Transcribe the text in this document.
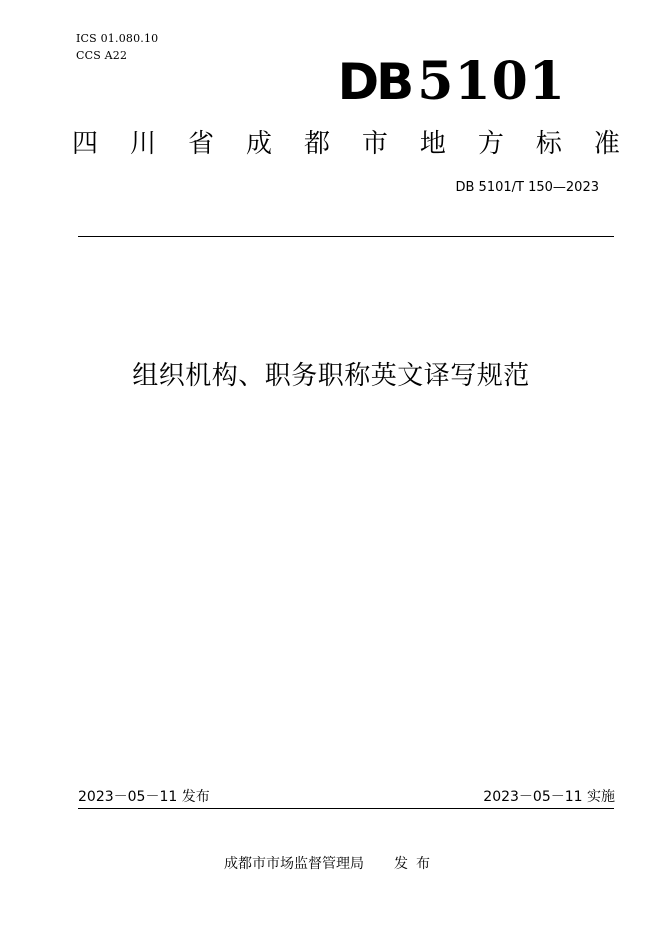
ICS 01.080.10
CCS A22	DB 5101
四 川 省 成 都 市 地 方 标 准
DB 5101/T 150—2023
组织机构、职务职称英文译写规范
2023－05－11 发布	2023－05－11 实施
成都市市场监督管理局 发布
